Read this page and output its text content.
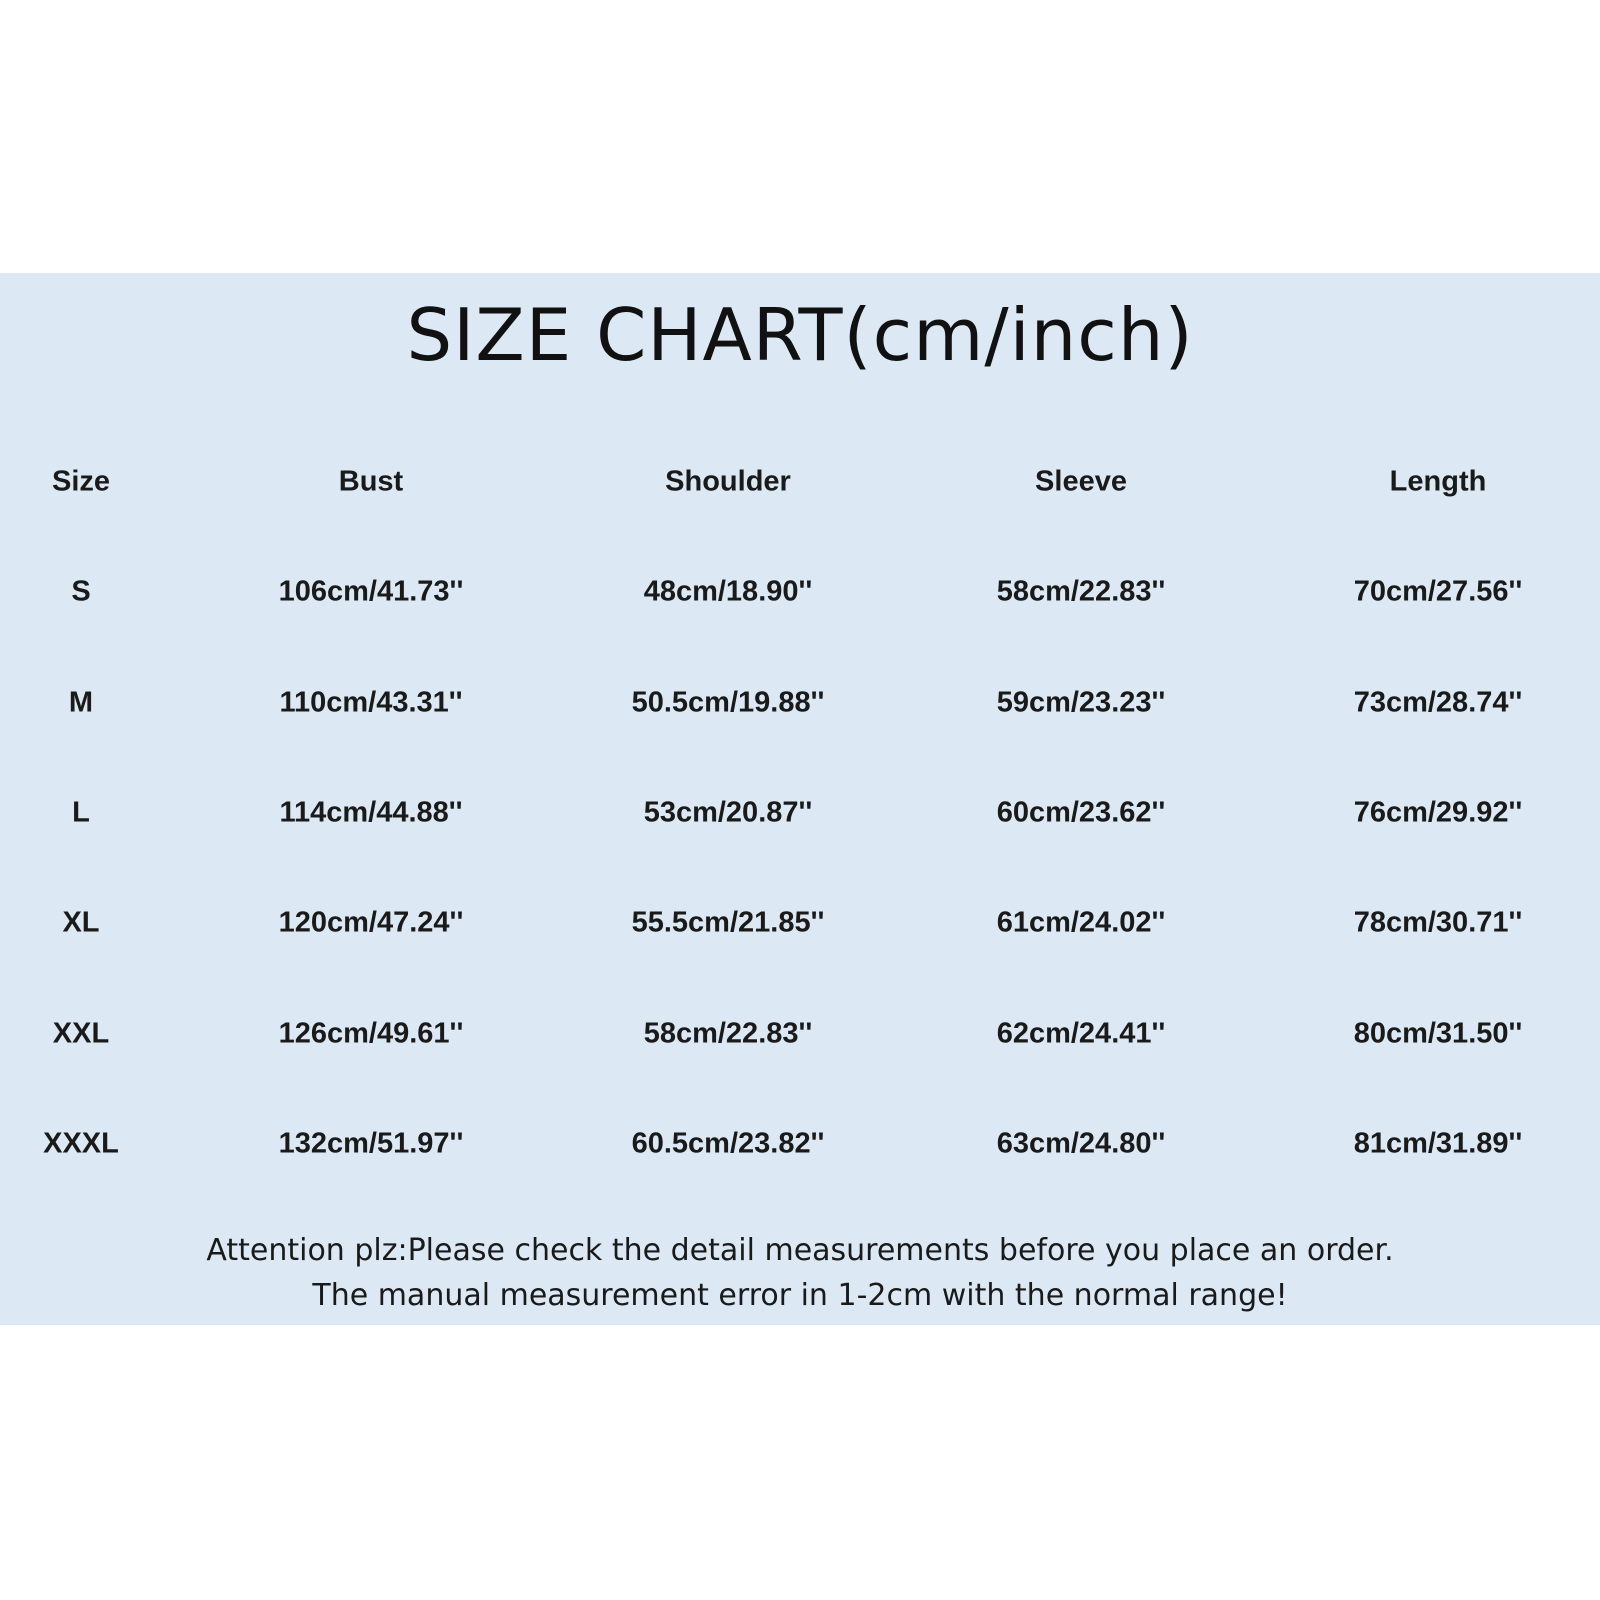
SIZE CHART(cm/inch)
Size	Bust	Shoulder	Sleeve	Length
S	106cm/41.73''	48cm/18.90''	58cm/22.83''	70cm/27.56''
M	110cm/43.31''	50.5cm/19.88''	59cm/23.23''	73cm/28.74''
L	114cm/44.88''	53cm/20.87''	60cm/23.62''	76cm/29.92''
XL	120cm/47.24''	55.5cm/21.85''	61cm/24.02''	78cm/30.71''
XXL	126cm/49.61''	58cm/22.83''	62cm/24.41''	80cm/31.50''
XXXL	132cm/51.97''	60.5cm/23.82''	63cm/24.80''	81cm/31.89''
Attention plz:Please check the detail measurements before you place an order.
The manual measurement error in 1-2cm with the normal range!
